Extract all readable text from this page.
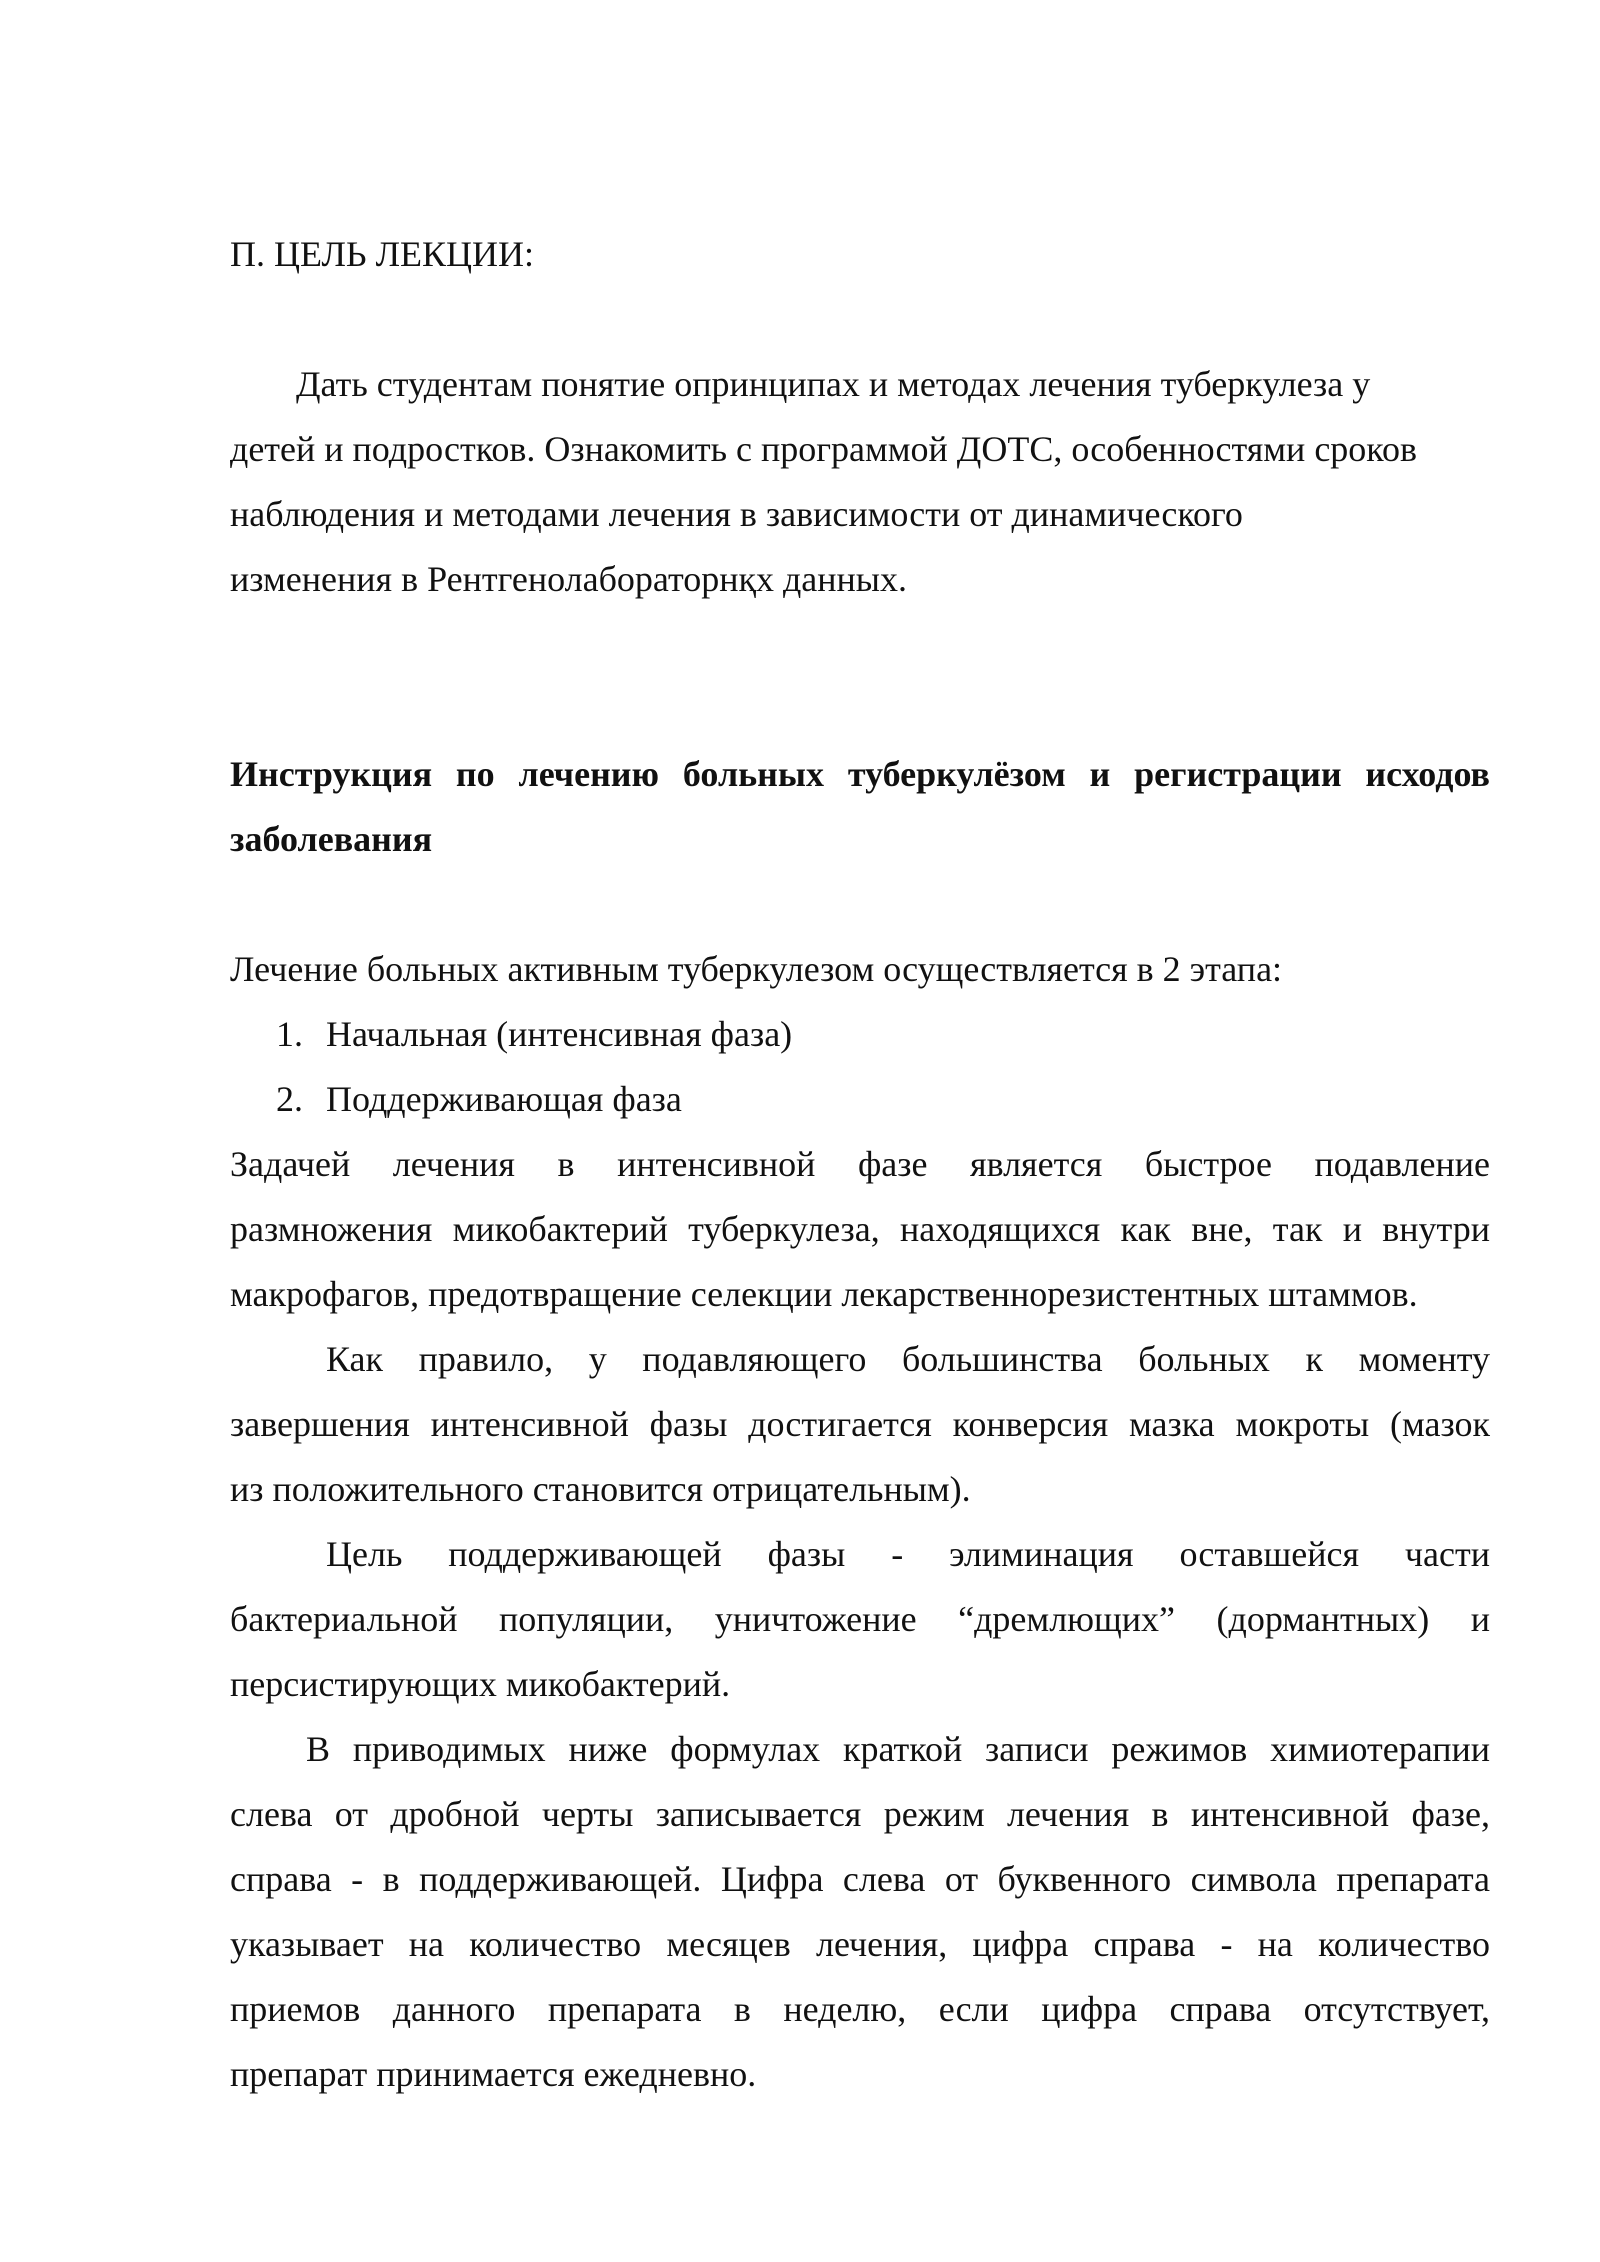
П. ЦЕЛЬ ЛЕКЦИИ:
Дать студентам понятие опринципах и методах лечения туберкулеза у
детей и подростков. Ознакомить с программой ДОТС, особенностями сроков
наблюдения и методами лечения в зависимости от динамического
изменения в Рентгенолабораторнқх данных.
Инструкция по лечению больных туберкулёзом и регистрации исходов
заболевания
Лечение больных активным туберкулезом осуществляется в 2 этапа:
1. Начальная (интенсивная фаза)
2. Поддерживающая фаза
Задачей лечения в интенсивной фазе является быстрое подавление
размножения микобактерий туберкулеза, находящихся как вне, так и внутри
макрофагов, предотвращение селекции лекарственнорезистентных штаммов.
Как правило, у подавляющего большинства больных к моменту
завершения интенсивной фазы достигается конверсия мазка мокроты (мазок
из положительного становится отрицательным).
Цель поддерживающей фазы - элиминация оставшейся части
бактериальной популяции, уничтожение “дремлющих” (дормантных) и
персистирующих микобактерий.
В приводимых ниже формулах краткой записи режимов химиотерапии
слева от дробной черты записывается режим лечения в интенсивной фазе,
справа - в поддерживающей. Цифра слева от буквенного символа препарата
указывает на количество месяцев лечения, цифра справа - на количество
приемов данного препарата в неделю, если цифра справа отсутствует,
препарат принимается ежедневно.
